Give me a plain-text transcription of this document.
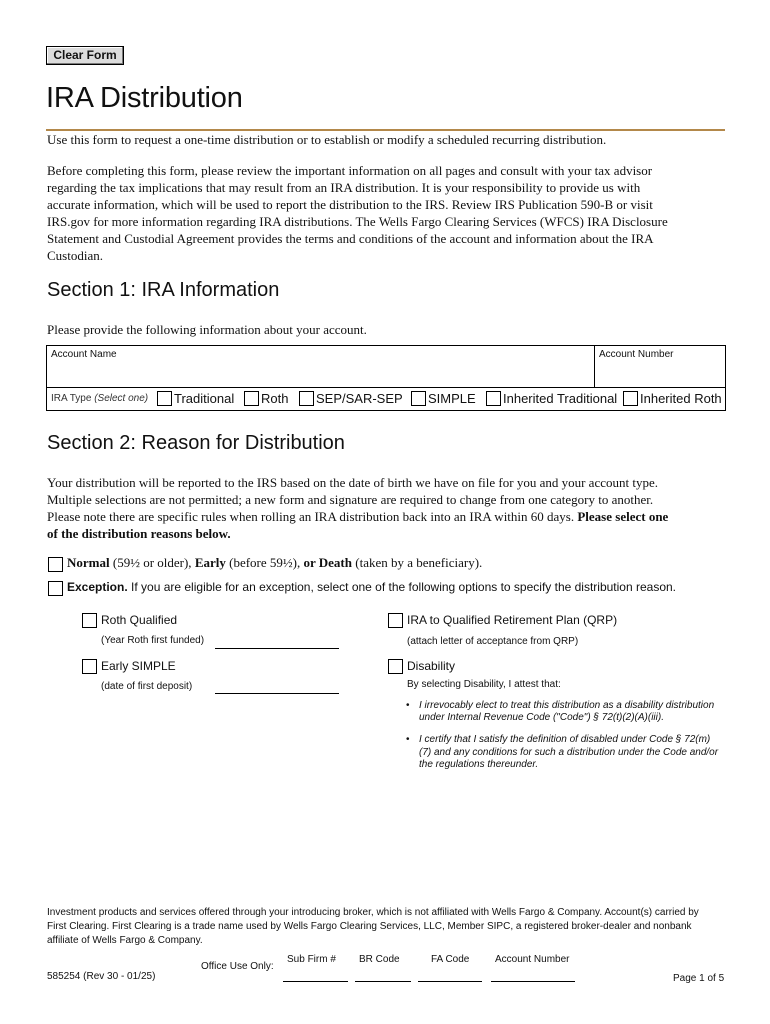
Clear Form
IRA Distribution
Use this form to request a one-time distribution or to establish or modify a scheduled recurring distribution.
Before completing this form, please review the important information on all pages and consult with your tax advisor
regarding the tax implications that may result from an IRA distribution. It is your responsibility to provide us with
accurate information, which will be used to report the distribution to the IRS. Review IRS Publication 590-B or visit
IRS.gov for more information regarding IRA distributions. The Wells Fargo Clearing Services (WFCS) IRA Disclosure
Statement and Custodial Agreement provides the terms and conditions of the account and information about the IRA
Custodian.
Section 1: IRA Information
Please provide the following information about your account.
Account Name	Account Number
IRA Type (Select one) Traditional Roth SEP/SAR-SEP SIMPLE Inherited Traditional Inherited Roth
Section 2: Reason for Distribution
Your distribution will be reported to the IRS based on the date of birth we have on file for you and your account type.
Multiple selections are not permitted; a new form and signature are required to change from one category to another.
Please note there are specific rules when rolling an IRA distribution back into an IRA within 60 days. Please select one
of the distribution reasons below.
Normal (59½ or older), Early (before 59½), or Death (taken by a beneficiary).
Exception. If you are eligible for an exception, select one of the following options to specify the distribution reason.
Roth Qualified
(Year Roth first funded)
Early SIMPLE
(date of first deposit)
IRA to Qualified Retirement Plan (QRP)
(attach letter of acceptance from QRP)
Disability
By selecting Disability, I attest that:
• I irrevocably elect to treat this distribution as a disability distribution
under Internal Revenue Code ("Code") § 72(t)(2)(A)(iii).
• I certify that I satisfy the definition of disabled under Code § 72(m)
(7) and any conditions for such a distribution under the Code and/or
the regulations thereunder.
Investment products and services offered through your introducing broker, which is not affiliated with Wells Fargo & Company. Account(s) carried by
First Clearing. First Clearing is a trade name used by Wells Fargo Clearing Services, LLC, Member SIPC, a registered broker-dealer and nonbank
affiliate of Wells Fargo & Company.
Office Use Only:
Sub Firm # BR Code	FA Code	Account Number
585254 (Rev 30 - 01/25)	Page 1 of 5
